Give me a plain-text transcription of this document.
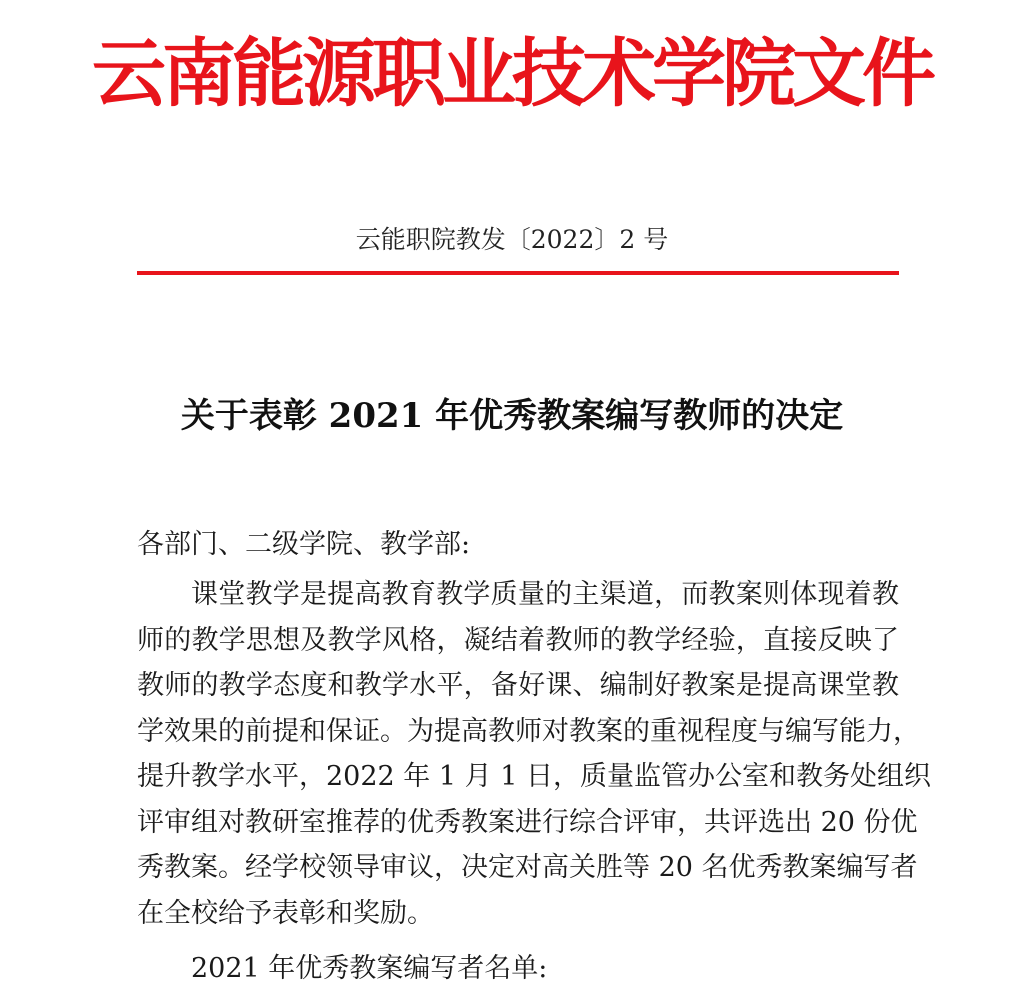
云南能源职业技术学院文件
云能职院教发〔2022〕2 号
关于表彰 2021 年优秀教案编写教师的决定
各部门、二级学院、教学部:
课堂教学是提高教育教学质量的主渠道，而教案则体现着教
师的教学思想及教学风格，凝结着教师的教学经验，直接反映了
教师的教学态度和教学水平，备好课、编制好教案是提高课堂教
学效果的前提和保证。为提高教师对教案的重视程度与编写能力，
提升教学水平，2022 年 1 月 1 日，质量监管办公室和教务处组织
评审组对教研室推荐的优秀教案进行综合评审，共评选出 20 份优
秀教案。经学校领导审议，决定对高关胜等 20 名优秀教案编写者
在全校给予表彰和奖励。
2021 年优秀教案编写者名单:
